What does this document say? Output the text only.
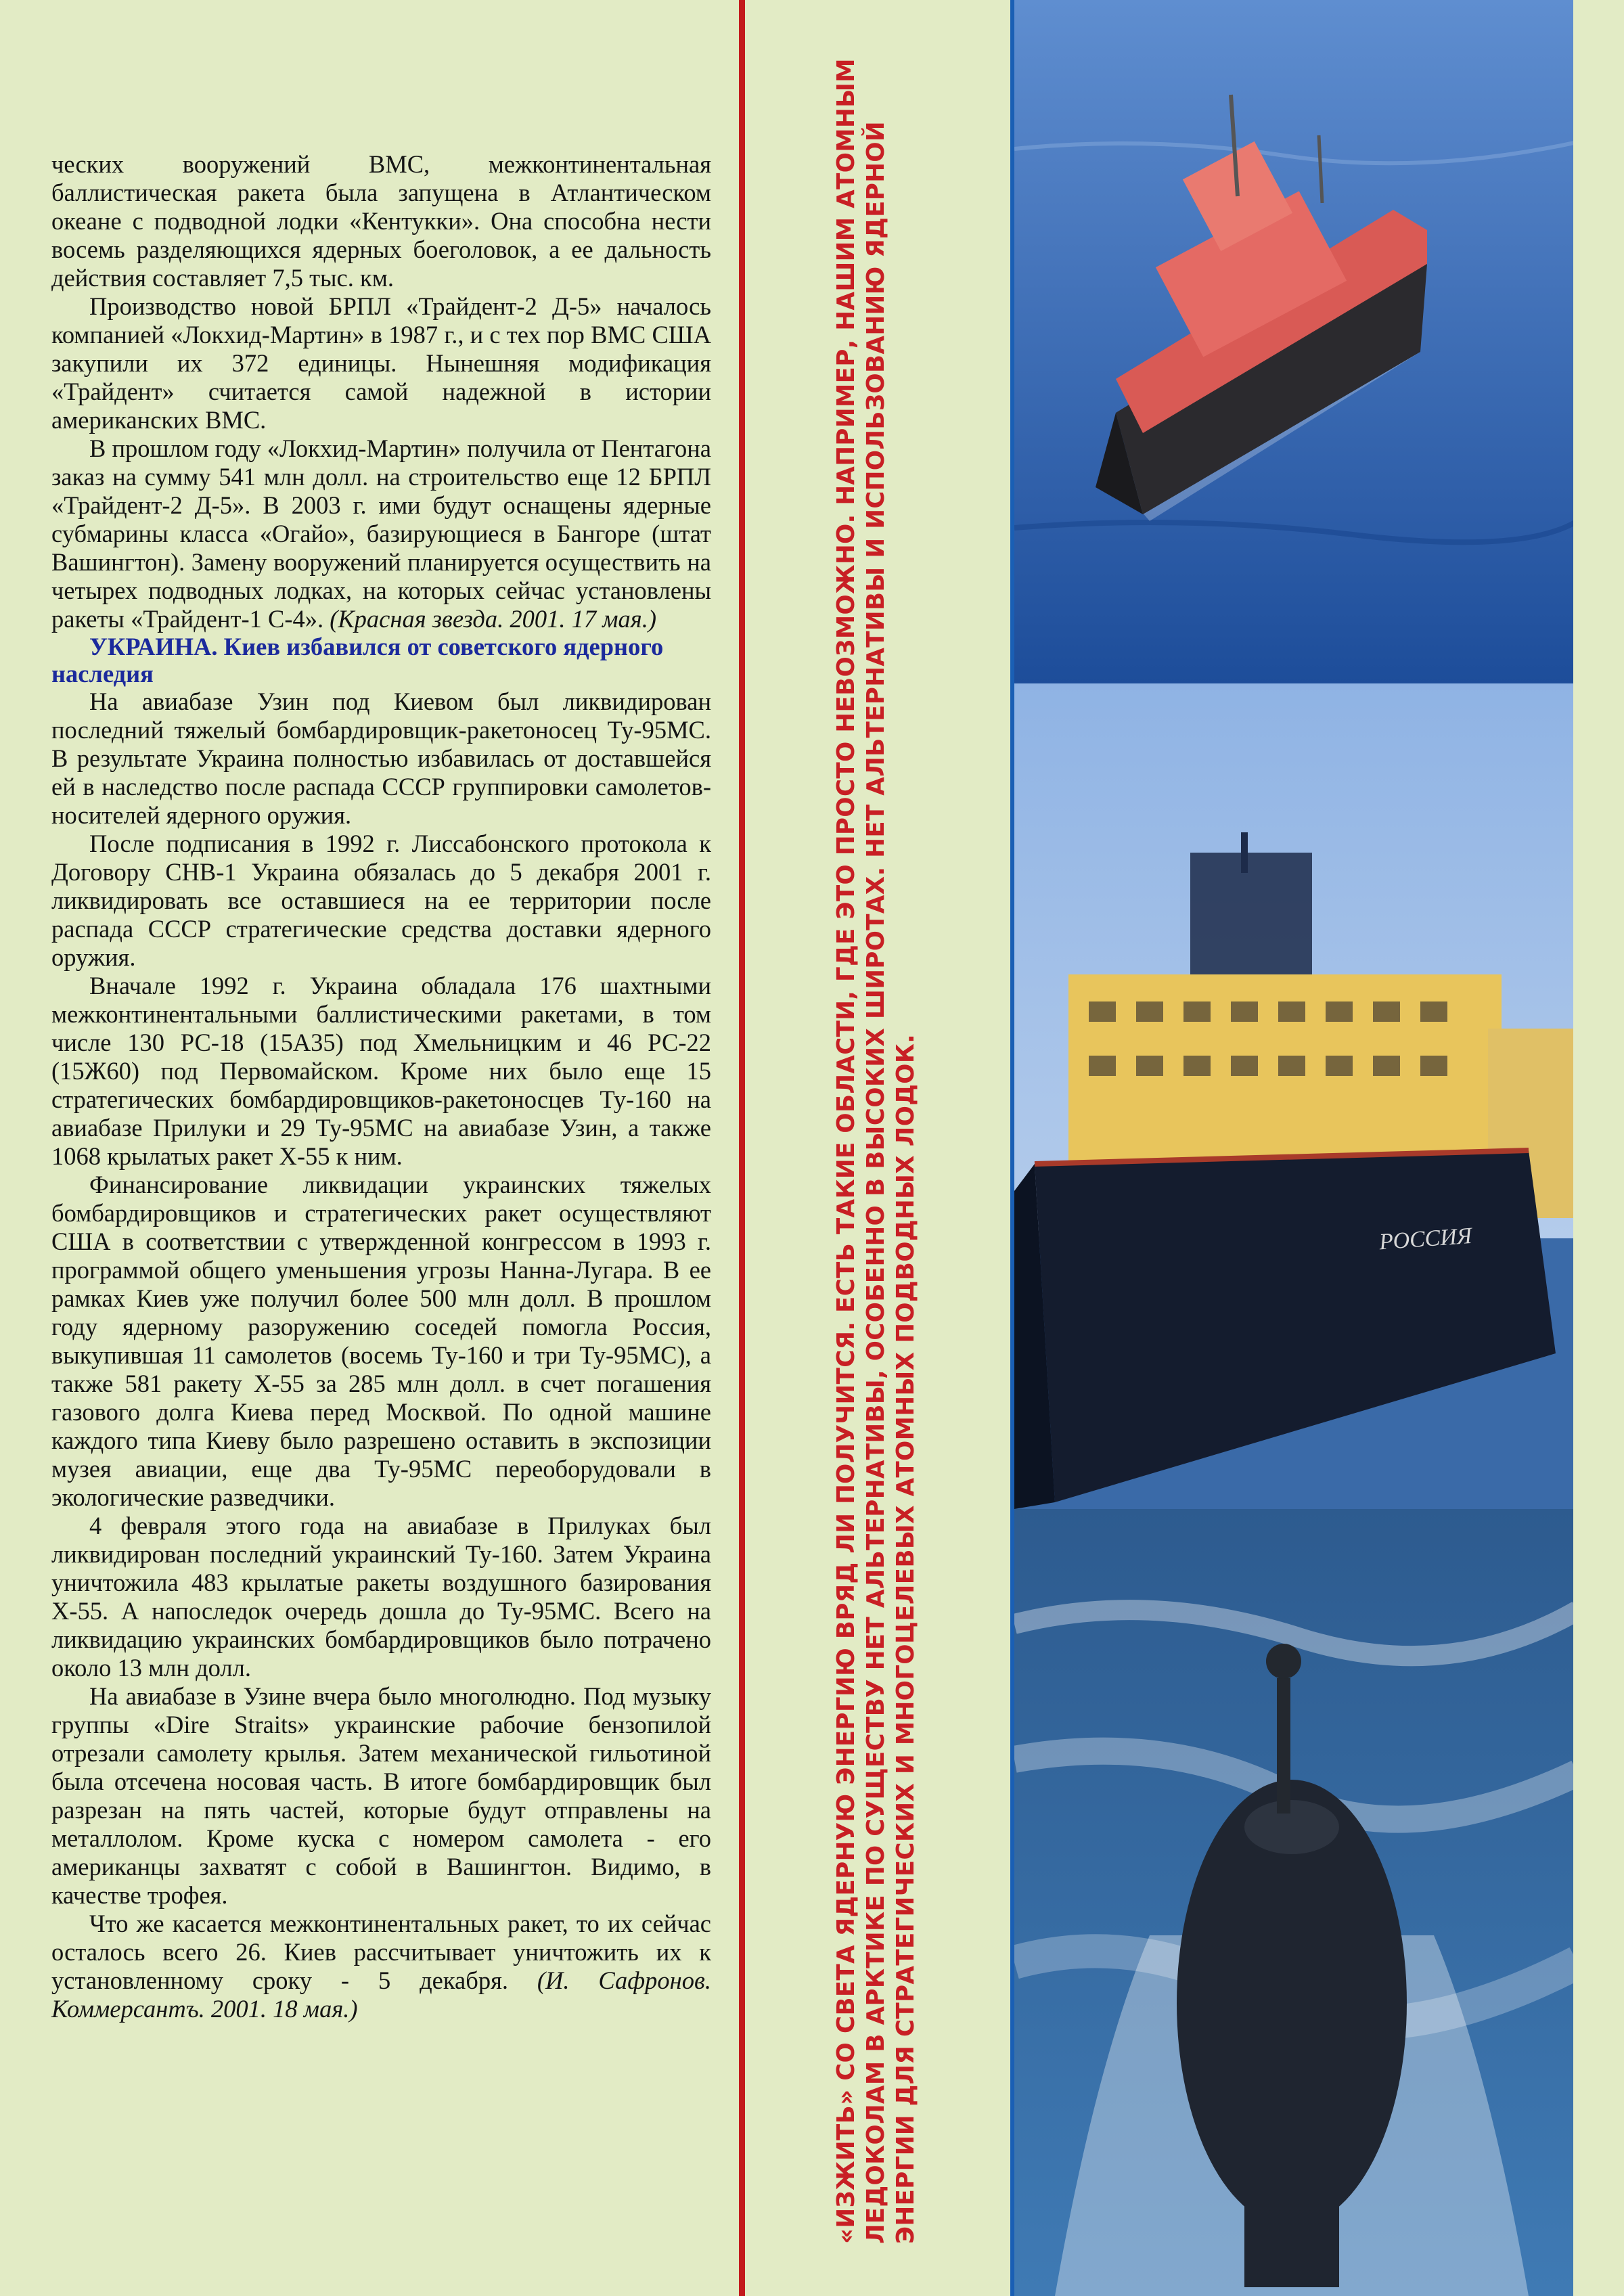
ческих вооружений ВМС, межконтинентальная баллистическая ракета была запущена в Атлантическом океане с подводной лодки «Кентукки». Она способна нести восемь разделяющихся ядерных боеголовок, а ее дальность действия составляет 7,5 тыс. км.

Производство новой БРПЛ «Трайдент-2 Д-5» началось компанией «Локхид-Мартин» в 1987 г., и с тех пор ВМС США закупили их 372 единицы. Нынешняя модификация «Трайдент» считается самой надежной в истории американских ВМС.

В прошлом году «Локхид-Мартин» получила от Пентагона заказ на сумму 541 млн долл. на строительство еще 12 БРПЛ «Трайдент-2 Д-5». В 2003 г. ими будут оснащены ядерные субмарины класса «Огайо», базирующиеся в Бангоре (штат Вашингтон). Замену вооружений планируется осуществить на четырех подводных лодках, на которых сейчас установлены ракеты «Трайдент-1 С-4». (Красная звезда. 2001. 17 мая.)

УКРАИНА. Киев избавился от советского ядерного наследия

На авиабазе Узин под Киевом был ликвидирован последний тяжелый бомбардировщик-ракетоносец Ту-95МС. В результате Украина полностью избавилась от доставшейся ей в наследство после распада СССР группировки самолетов-носителей ядерного оружия.

После подписания в 1992 г. Лиссабонского протокола к Договору СНВ-1 Украина обязалась до 5 декабря 2001 г. ликвидировать все оставшиеся на ее территории после распада СССР стратегические средства доставки ядерного оружия.

Вначале 1992 г. Украина обладала 176 шахтными межконтинентальными баллистическими ракетами, в том числе 130 РС-18 (15А35) под Хмельницким и 46 РС-22 (15Ж60) под Первомайском. Кроме них было еще 15 стратегических бомбардировщиков-ракетоносцев Ту-160 на авиабазе Прилуки и 29 Ту-95МС на авиабазе Узин, а также 1068 крылатых ракет Х-55 к ним.

Финансирование ликвидации украинских тяжелых бомбардировщиков и стратегических ракет осуществляют США в соответствии с утвержденной конгрессом в 1993 г. программой общего уменьшения угрозы Нанна-Лугара. В ее рамках Киев уже получил более 500 млн долл. В прошлом году ядерному разоружению соседей помогла Россия, выкупившая 11 самолетов (восемь Ту-160 и три Ту-95МС), а также 581 ракету Х-55 за 285 млн долл. в счет погашения газового долга Киева перед Москвой. По одной машине каждого типа Киеву было разрешено оставить в экспозиции музея авиации, еще два Ту-95МС переоборудовали в экологические разведчики.

4 февраля этого года на авиабазе в Прилуках был ликвидирован последний украинский Ту-160. Затем Украина уничтожила 483 крылатые ракеты воздушного базирования Х-55. А напоследок очередь дошла до Ту-95МС. Всего на ликвидацию украинских бомбардировщиков было потрачено около 13 млн долл.

На авиабазе в Узине вчера было многолюдно. Под музыку группы «Dire Straits» украинские рабочие бензопилой отрезали самолету крылья. Затем механической гильотиной была отсечена носовая часть. В итоге бомбардировщик был разрезан на пять частей, которые будут отправлены на металлолом. Кроме куска с номером самолета - его американцы захватят с собой в Вашингтон. Видимо, в качестве трофея.

Что же касается межконтинентальных ракет, то их сейчас осталось всего 26. Киев рассчитывает уничтожить их к установленному сроку - 5 декабря. (И. Сафронов. Коммерсантъ. 2001. 18 мая.)	«ИЗЖИТЬ» СО СВЕТА ЯДЕРНУЮ ЭНЕРГИЮ ВРЯД ЛИ ПОЛУЧИТСЯ. ЕСТЬ ТАКИЕ ОБЛАСТИ, ГДЕ ЭТО ПРОСТО НЕВОЗМОЖНО. НАПРИМЕР, НАШИМ АТОМНЫМ ЛЕДОКОЛАМ В АРКТИКЕ ПО СУЩЕСТВУ НЕТ АЛЬТЕРНАТИВЫ, ОСОБЕННО В ВЫСОКИХ ШИРОТАХ. НЕТ АЛЬТЕРНАТИВЫ И ИСПОЛЬЗОВАНИЮ ЯДЕРНОЙ ЭНЕРГИИ ДЛЯ СТРАТЕГИЧЕСКИХ И МНОГОЦЕЛЕВЫХ АТОМНЫХ ПОДВОДНЫХ ЛОДОК.	РОССИЯ
